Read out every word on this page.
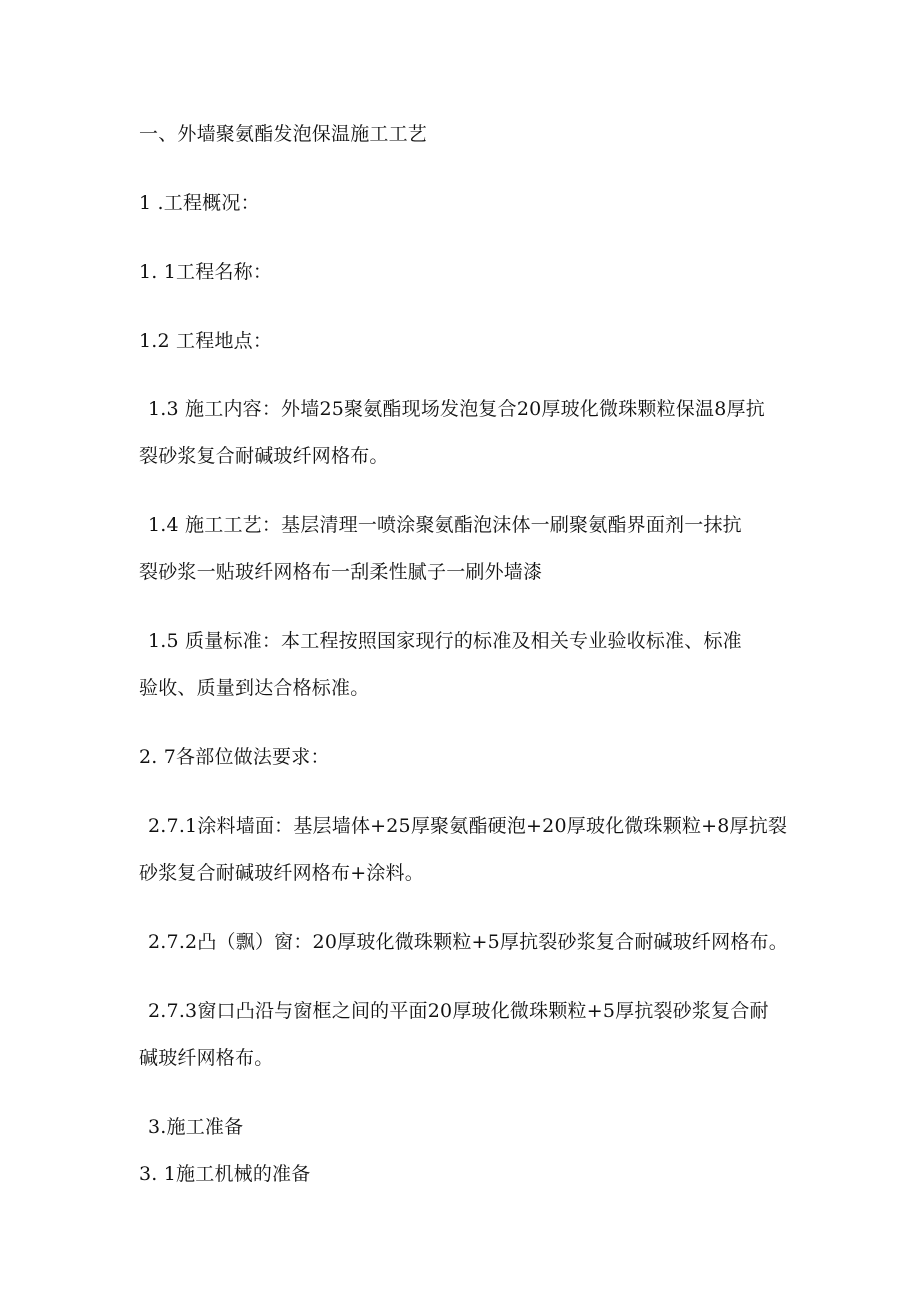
一、外墙聚氨酯发泡保温施工工艺
1 .工程概况：
1. 1工程名称：
1.2 工程地点：
1.3 施工内容：外墙25聚氨酯现场发泡复合20厚玻化微珠颗粒保温8厚抗
裂砂浆复合耐碱玻纤网格布。
1.4 施工工艺：基层清理一喷涂聚氨酯泡沫体一刷聚氨酯界面剂一抹抗
裂砂浆一贴玻纤网格布一刮柔性腻子一刷外墙漆
1.5 质量标准：本工程按照国家现行的标准及相关专业验收标准、标准
验收、质量到达合格标准。
2. 7各部位做法要求：
2.7.1涂料墙面：基层墙体+25厚聚氨酯硬泡+20厚玻化微珠颗粒+8厚抗裂
砂浆复合耐碱玻纤网格布+涂料。
2.7.2凸（飘）窗：20厚玻化微珠颗粒+5厚抗裂砂浆复合耐碱玻纤网格布。
2.7.3窗口凸沿与窗框之间的平面20厚玻化微珠颗粒+5厚抗裂砂浆复合耐
碱玻纤网格布。
3.施工准备
3. 1施工机械的准备
